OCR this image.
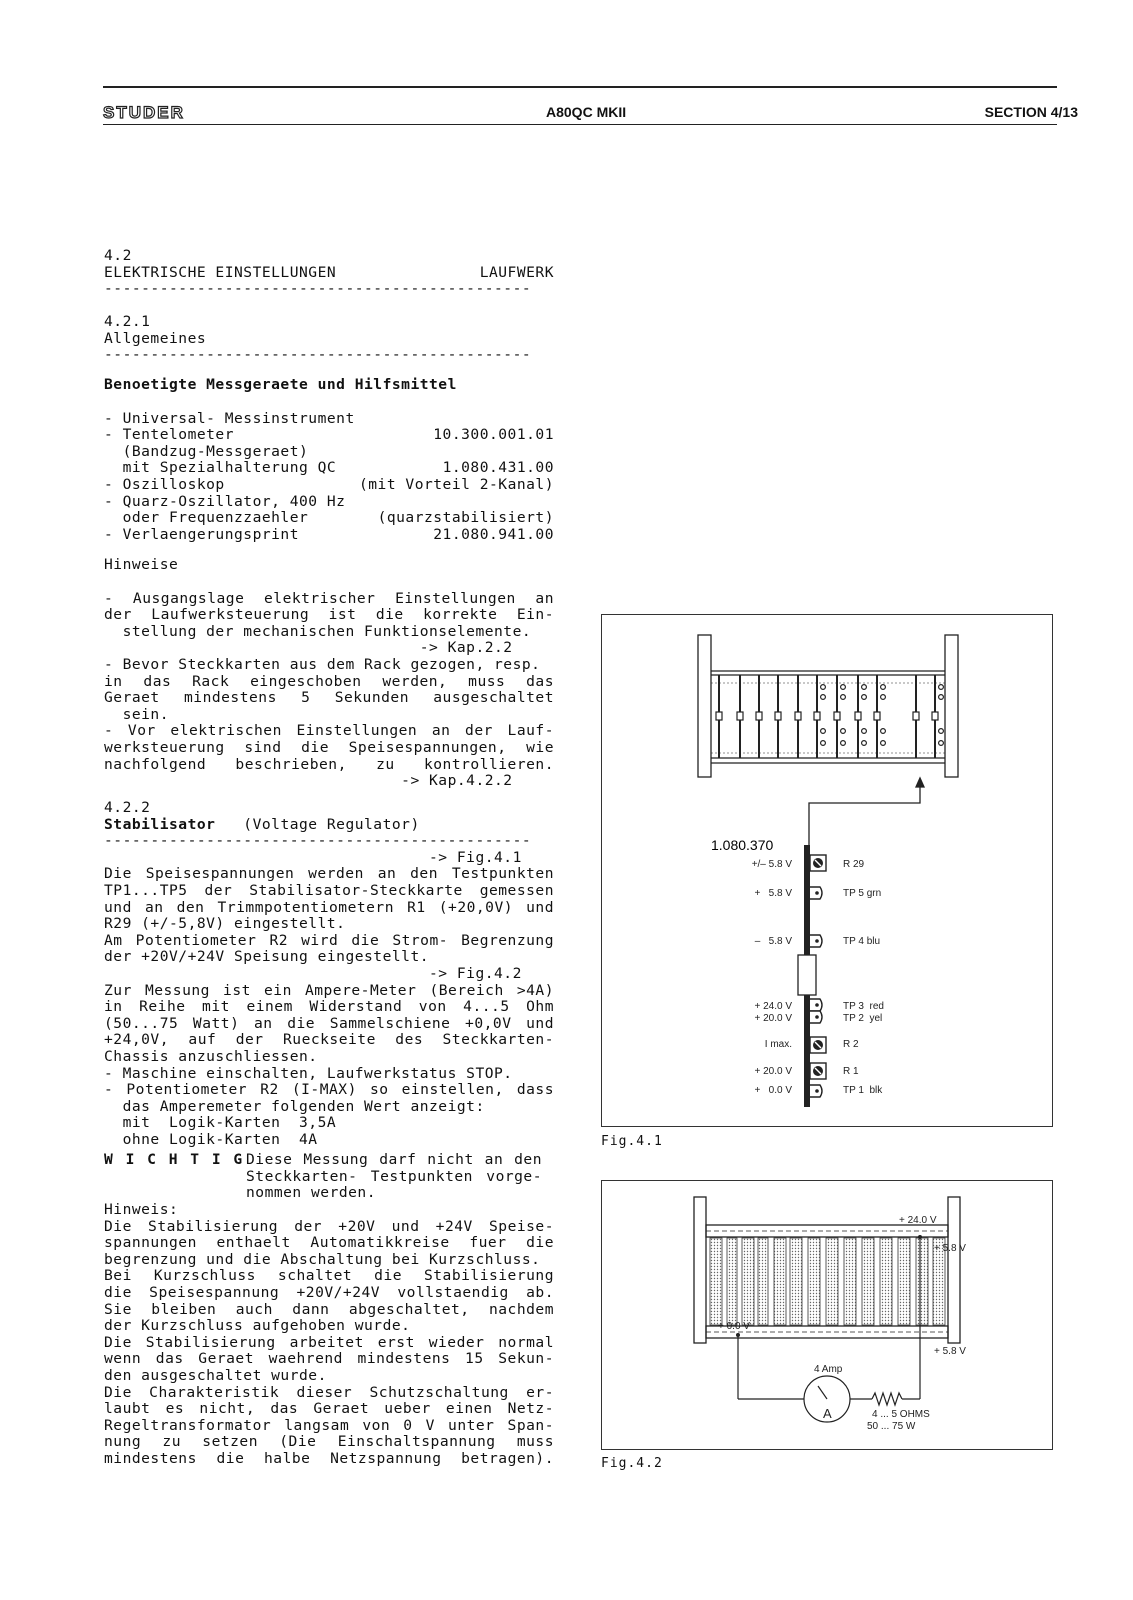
STUDER	A80QC MKII	SECTION 4/13
4.2
ELEKTRISCHE EINSTELLUNGEN	LAUFWERK
----------------------------------------------
4.2.1
Allgemeines
----------------------------------------------
Benoetigte Messgeraete und Hilfsmittel
- Universal- Messinstrument
- Tentelometer	10.300.001.01
(Bandzug-Messgeraet)
mit Spezialhalterung QC	1.080.431.00
- Oszilloskop	(mit Vorteil 2-Kanal)
- Quarz-Oszillator, 400 Hz
oder Frequenzzaehler	(quarzstabilisiert)
- Verlaengerungsprint	21.080.941.00
Hinweise
- Ausgangslage elektrischer Einstellungen an
der Laufwerksteuerung ist die korrekte Ein-
stellung der mechanischen Funktionselemente.
-> Kap.2.2
- Bevor Steckkarten aus dem Rack gezogen, resp.
in das Rack eingeschoben werden, muss das
Geraet mindestens 5 Sekunden ausgeschaltet
sein.
- Vor elektrischen Einstellungen an der Lauf-
werksteuerung sind die Speisespannungen, wie
nachfolgend beschrieben, zu kontrollieren.
-> Kap.4.2.2
4.2.2
Stabilisator (Voltage Regulator)
----------------------------------------------
-> Fig.4.1
Die Speisespannungen werden an den Testpunkten
TP1...TP5 der Stabilisator-Steckkarte gemessen
und an den Trimmpotentiometern R1 (+20,0V) und
R29 (+/-5,8V) eingestellt.
Am Potentiometer R2 wird die Strom- Begrenzung
der +20V/+24V Speisung eingestellt.
-> Fig.4.2
Zur Messung ist ein Ampere-Meter (Bereich >4A)
in Reihe mit einem Widerstand von 4...5 Ohm
(50...75 Watt) an die Sammelschiene +0,0V und
+24,0V, auf der Rueckseite des Steckkarten-
Chassis anzuschliessen.
- Maschine einschalten, Laufwerkstatus STOP.
- Potentiometer R2 (I-MAX) so einstellen, dass
das Amperemeter folgenden Wert anzeigt:
mit  Logik-Karten  3,5A
ohne Logik-Karten  4A
W I C H T I G Diese Messung darf nicht an den
Steckkarten- Testpunkten vorge-
nommen werden.
Hinweis:
Die Stabilisierung der +20V und +24V Speise-
spannungen enthaelt Automatikkreise fuer die
begrenzung und die Abschaltung bei Kurzschluss.
Bei Kurzschluss schaltet die Stabilisierung
die Speisespannung +20V/+24V vollstaendig ab.
Sie bleiben auch dann abgeschaltet, nachdem
der Kurzschluss aufgehoben wurde.
Die Stabilisierung arbeitet erst wieder normal
wenn das Geraet waehrend mindestens 15 Sekun-
den ausgeschaltet wurde.
Die Charakteristik dieser Schutzschaltung er-
laubt es nicht, das Geraet ueber einen Netz-
Regeltransformator langsam von 0 V unter Span-
nung zu setzen (Die Einschaltspannung muss
mindestens die halbe Netzspannung betragen).
1.080.370
+/– 5.8 V	R 29
+   5.8 V	TP 5 grn
–   5.8 V	TP 4 blu
+ 24.0 V	TP 3  red
+ 20.0 V	TP 2  yel
I max.	R 2
+ 20.0 V	R 1
+   0.0 V	TP 1  blk
Fig.4.1
+ 24.0 V
+ 5.8 V
+ 0.0 V
+ 5.8 V
4 Amp
A	4 ... 5 OHMS
50 ... 75 W
Fig.4.2
